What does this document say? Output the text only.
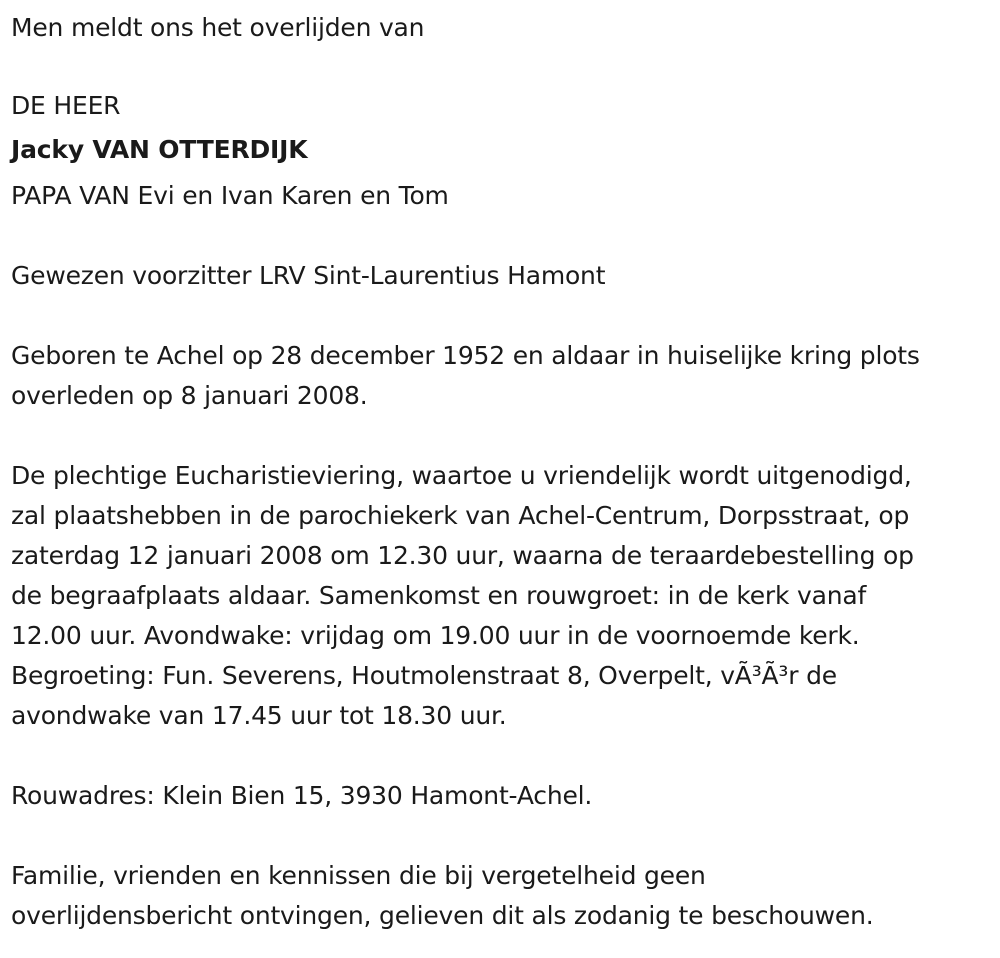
Men meldt ons het overlijden van
DE HEER
Jacky VAN OTTERDIJK
PAPA VAN Evi en Ivan Karen en Tom
Gewezen voorzitter LRV Sint-Laurentius Hamont
Geboren te Achel op 28 december 1952 en aldaar in huiselijke kring plots
overleden op 8 januari 2008.
De plechtige Eucharistieviering, waartoe u vriendelijk wordt uitgenodigd,
zal plaatshebben in de parochiekerk van Achel-Centrum, Dorpsstraat, op
zaterdag 12 januari 2008 om 12.30 uur, waarna de teraardebestelling op
de begraafplaats aldaar. Samenkomst en rouwgroet: in de kerk vanaf
12.00 uur. Avondwake: vrijdag om 19.00 uur in de voornoemde kerk.
Begroeting: Fun. Severens, Houtmolenstraat 8, Overpelt, vÃ³Ã³r de
avondwake van 17.45 uur tot 18.30 uur.
Rouwadres: Klein Bien 15, 3930 Hamont-Achel.
Familie, vrienden en kennissen die bij vergetelheid geen
overlijdensbericht ontvingen, gelieven dit als zodanig te beschouwen.
